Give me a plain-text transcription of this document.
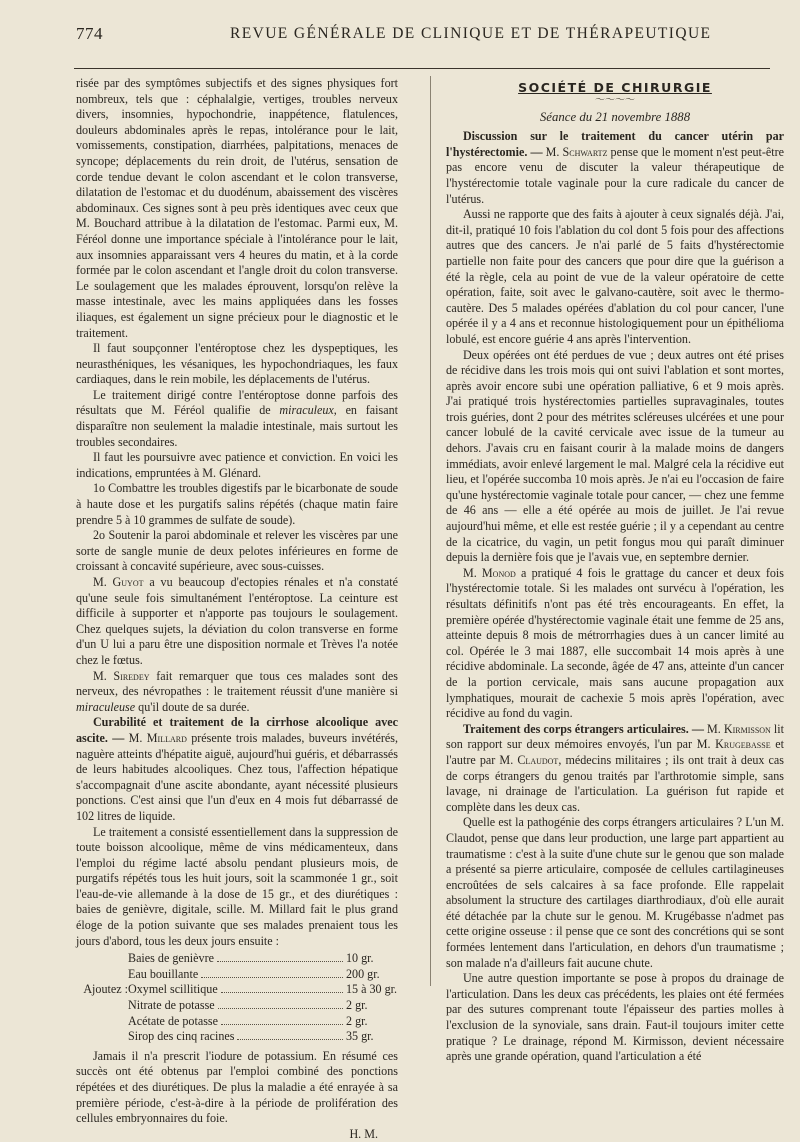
774	REVUE GÉNÉRALE DE CLINIQUE ET DE THÉRAPEUTIQUE

risée par des symptômes subjectifs et des signes physiques fort nombreux, tels que : céphalalgie, vertiges, troubles nerveux divers, insomnies, hypochondrie, inappétence, flatulences, douleurs abdominales après le repas, intolérance pour le lait, vomissements, constipation, diarrhées, palpitations, menaces de syncope; déplacements du rein droit, de l'utérus, sensation de corde tendue devant le colon ascendant et le colon transverse, dilatation de l'estomac et du duodénum, abaissement des viscères abdominaux. Ces signes sont à peu près identiques avec ceux que M. Bouchard attribue à la dilatation de l'estomac. Parmi eux, M. Féréol donne une importance spéciale à l'intolérance pour le lait, aux insomnies apparaissant vers 4 heures du matin, et à la corde formée par le colon ascendant et l'angle droit du colon transverse. Le soulagement que les malades éprouvent, lorsqu'on relève la masse intestinale, avec les mains appliquées dans les fosses iliaques, est également un signe précieux pour le diagnostic et le traitement.

Il faut soupçonner l'entéroptose chez les dyspeptiques, les neurasthéniques, les vésaniques, les hypochondriaques, les faux cardiaques, dans le rein mobile, les déplacements de l'utérus.

Le traitement dirigé contre l'entéroptose donne parfois des résultats que M. Féréol qualifie de miraculeux, en faisant disparaître non seulement la maladie intestinale, mais surtout les troubles secondaires.

Il faut les poursuivre avec patience et conviction. En voici les indications, empruntées à M. Glénard.

1o Combattre les troubles digestifs par le bicarbonate de soude à haute dose et les purgatifs salins répétés (chaque matin faire prendre 5 à 10 grammes de sulfate de soude).

2o Soutenir la paroi abdominale et relever les viscères par une sorte de sangle munie de deux pelotes inférieures en forme de croissant à concavité supérieure, avec sous-cuisses.

M. Guyot a vu beaucoup d'ectopies rénales et n'a constaté qu'une seule fois simultanément l'entéroptose. La ceinture est difficile à supporter et n'apporte pas toujours le soulagement. Chez quelques sujets, la déviation du colon transverse en forme d'un U lui a paru être une disposition normale et Trèves l'a notée chez le fœtus.

M. Siredey fait remarquer que tous ces malades sont des nerveux, des névropathes : le traitement réussit d'une manière si miraculeuse qu'il doute de sa durée.

Curabilité et traitement de la cirrhose alcoolique avec ascite. — M. Millard présente trois malades, buveurs invétérés, naguère atteints d'hépatite aiguë, aujourd'hui guéris, et débarrassés de leurs habitudes alcooliques. Chez tous, l'affection hépatique s'accompagnait d'une ascite abondante, ayant nécessité plusieurs ponctions. C'est ainsi que l'un d'eux en 4 mois fut débarrassé de 102 litres de liquide.

Le traitement a consisté essentiellement dans la suppression de toute boisson alcoolique, même de vins médicamenteux, dans l'emploi du régime lacté absolu pendant plusieurs mois, de purgatifs répétés tous les huit jours, soit la scammonée 1 gr., soit l'eau-de-vie allemande à la dose de 15 gr., et des diurétiques : baies de genièvre, digitale, scille. M. Millard fait le plus grand éloge de la potion suivante que ses malades prenaient tous les jours d'abord, tous les deux jours ensuite :

Baies de genièvre	10 gr.
Eau bouillante	200 gr.
Ajoutez : Oxymel scillitique	15 à 30 gr.
Nitrate de potasse	2 gr.
Acétate de potasse	2 gr.
Sirop des cinq racines	35 gr.

Jamais il n'a prescrit l'iodure de potassium. En résumé ces succès ont été obtenus par l'emploi combiné des ponctions répétées et des diurétiques. De plus la maladie a été enrayée à sa première période, c'est-à-dire à la période de prolifération des cellules embryonnaires du foie.

H. M.

SOCIÉTÉ DE CHIRURGIE
～～～～
Séance du 21 novembre 1888

Discussion sur le traitement du cancer utérin par l'hystérectomie. — M. Schwartz pense que le moment n'est peut-être pas encore venu de discuter la valeur thérapeutique de l'hystérectomie totale vaginale pour la cure radicale du cancer de l'utérus.

Aussi ne rapporte que des faits à ajouter à ceux signalés déjà. J'ai, dit-il, pratiqué 10 fois l'ablation du col dont 5 fois pour des affections autres que des cancers. Je n'ai parlé de 5 faits d'hystérectomie partielle non faite pour des cancers que pour dire que la guérison a été la règle, cela au point de vue de la valeur opératoire de cette opération, faite, soit avec le galvano-cautère, soit avec le thermo-cautère. Des 5 malades opérées d'ablation du col pour cancer, l'une opérée il y a 4 ans et reconnue histologiquement pour un épithélioma lobulé, est encore guérie 4 ans après l'intervention.

Deux opérées ont été perdues de vue ; deux autres ont été prises de récidive dans les trois mois qui ont suivi l'ablation et sont mortes, après avoir encore subi une opération palliative, 6 et 9 mois après. J'ai pratiqué trois hystérectomies partielles supravaginales, toutes trois guéries, dont 2 pour des métrites scléreuses ulcérées et une pour cancer lobulé de la cavité cervicale avec issue de la tumeur au dehors. J'avais cru en faisant courir à la malade moins de dangers immédiats, avoir enlevé largement le mal. Malgré cela la récidive eut lieu, et l'opérée succomba 10 mois après. Je n'ai eu l'occasion de faire qu'une hystérectomie vaginale totale pour cancer, — chez une femme de 46 ans — elle a été opérée au mois de juillet. Je l'ai revue aujourd'hui même, et elle est restée guérie ; il y a cependant au centre de la cicatrice, du vagin, un petit fongus mou qui paraît diminuer depuis la dernière fois que je l'avais vue, en septembre dernier.

M. Monod a pratiqué 4 fois le grattage du cancer et deux fois l'hystérectomie totale. Si les malades ont survécu à l'opération, les résultats définitifs n'ont pas été très encourageants. En effet, la première opérée d'hystérectomie vaginale était une femme de 25 ans, atteinte depuis 8 mois de métrorrhagies dues à un cancer limité au col. Opérée le 3 mai 1887, elle succombait 14 mois après à une récidive abdominale. La seconde, âgée de 47 ans, atteinte d'un cancer de la portion cervicale, mais sans aucune propagation aux lymphatiques, mourait de cachexie 5 mois après l'opération, avec récidive au fond du vagin.

Traitement des corps étrangers articulaires. — M. Kirmisson lit son rapport sur deux mémoires envoyés, l'un par M. Krugebasse et l'autre par M. Claudot, médecins militaires ; ils ont trait à deux cas de corps étrangers du genou traités par l'arthrotomie simple, sans lavage, ni drainage de l'articulation. La guérison fut rapide et complète dans les deux cas.

Quelle est la pathogénie des corps étrangers articulaires ? L'un M. Claudot, pense que dans leur production, une large part appartient au traumatisme : c'est à la suite d'une chute sur le genou que son malade a présenté sa pierre articulaire, composée de cellules cartilagineuses encroûtées de sels calcaires à sa face profonde. Elle rappelait absolument la structure des cartilages diarthrodiaux, d'où elle aurait été détachée par la chute sur le genou. M. Krugébasse n'admet pas cette origine osseuse : il pense que ce sont des concrétions qui se sont formées lentement dans l'articulation, en dehors d'un traumatisme ; son malade n'a d'ailleurs fait aucune chute.

Une autre question importante se pose à propos du drainage de l'articulation. Dans les deux cas précédents, les plaies ont été fermées par des sutures comprenant toute l'épaisseur des parties molles à l'exclusion de la synoviale, sans drain. Faut-il toujours imiter cette pratique ? Le drainage, répond M. Kirmisson, devient nécessaire après une grande opération, quand l'articulation a été
